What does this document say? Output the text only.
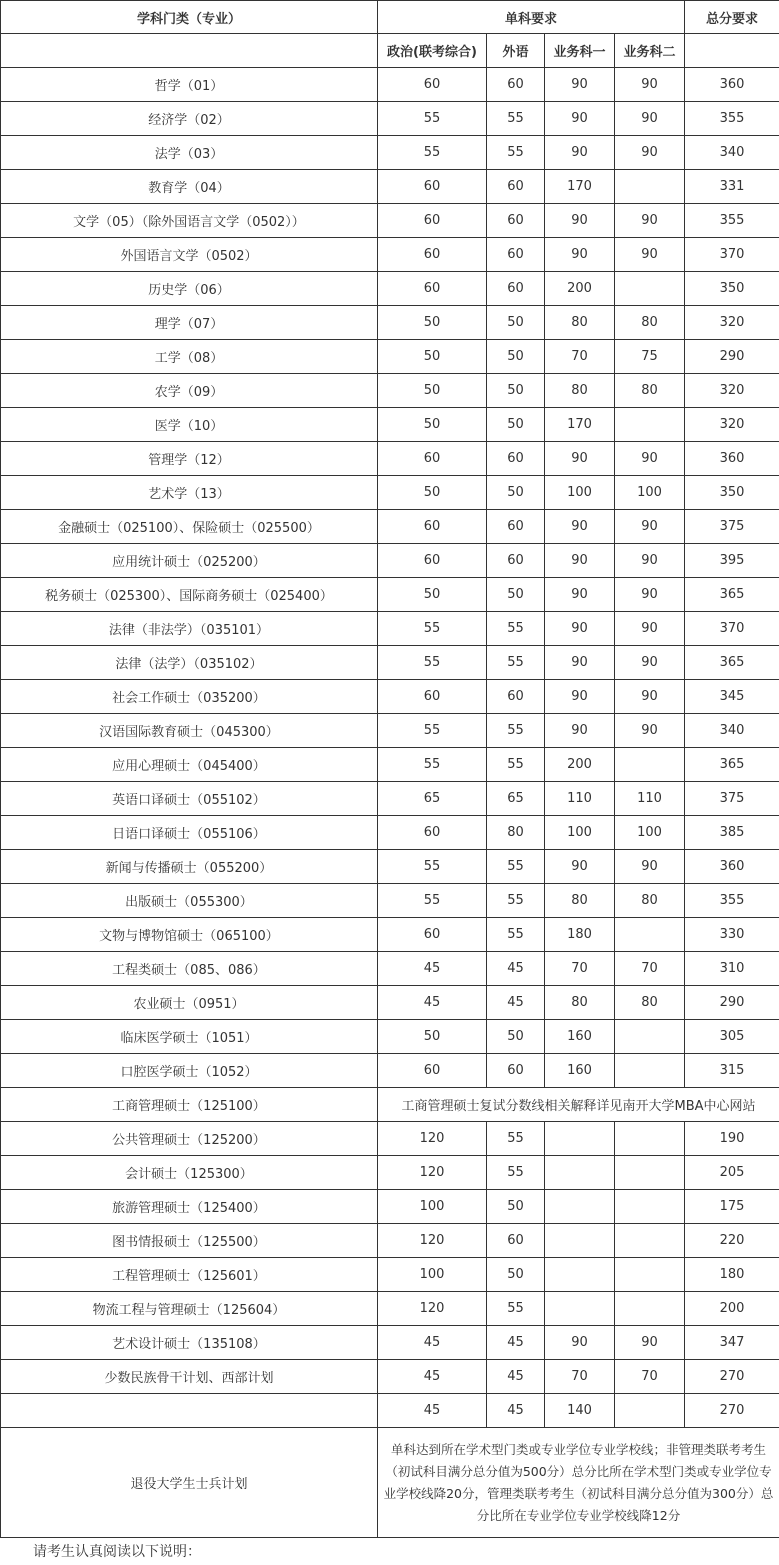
学科门类（专业）	单科要求				总分要求
	政治(联考综合)	外语	业务科一	业务科二	
哲学（01）	60	60	90	90	360
经济学（02）	55	55	90	90	355
法学（03）	55	55	90	90	340
教育学（04）	60	60	170		331
文学（05）（除外国语言文学（0502））	60	60	90	90	355
外国语言文学（0502）	60	60	90	90	370
历史学（06）	60	60	200		350
理学（07）	50	50	80	80	320
工学（08）	50	50	70	75	290
农学（09）	50	50	80	80	320
医学（10）	50	50	170		320
管理学（12）	60	60	90	90	360
艺术学（13）	50	50	100	100	350
金融硕士（025100）、保险硕士（025500）	60	60	90	90	375
应用统计硕士（025200）	60	60	90	90	395
税务硕士（025300）、国际商务硕士（025400）	50	50	90	90	365
法律（非法学）（035101）	55	55	90	90	370
法律（法学）（035102）	55	55	90	90	365
社会工作硕士（035200）	60	60	90	90	345
汉语国际教育硕士（045300）	55	55	90	90	340
应用心理硕士（045400）	55	55	200		365
英语口译硕士（055102）	65	65	110	110	375
日语口译硕士（055106）	60	80	100	100	385
新闻与传播硕士（055200）	55	55	90	90	360
出版硕士（055300）	55	55	80	80	355
文物与博物馆硕士（065100）	60	55	180		330
工程类硕士（085、086）	45	45	70	70	310
农业硕士（0951）	45	45	80	80	290
临床医学硕士（1051）	50	50	160		305
口腔医学硕士（1052）	60	60	160		315
工商管理硕士（125100）	工商管理硕士复试分数线相关解释详见南开大学MBA中心网站				
公共管理硕士（125200）	120	55			190
会计硕士（125300）	120	55			205
旅游管理硕士（125400）	100	50			175
图书情报硕士（125500）	120	60			220
工程管理硕士（125601）	100	50			180
物流工程与管理硕士（125604）	120	55			200
艺术设计硕士（135108）	45	45	90	90	347
少数民族骨干计划、西部计划	45	45	70	70	270
	45	45	140		270
退役大学生士兵计划	单科达到所在学术型门类或专业学位专业学校线；非管理类联考考生（初试科目满分总分值为500分）总分比所在学术型门类或专业学位专业学校线降20分，管理类联考考生（初试科目满分总分值为300分）总分比所在专业学位专业学校线降12分				
请考生认真阅读以下说明：
